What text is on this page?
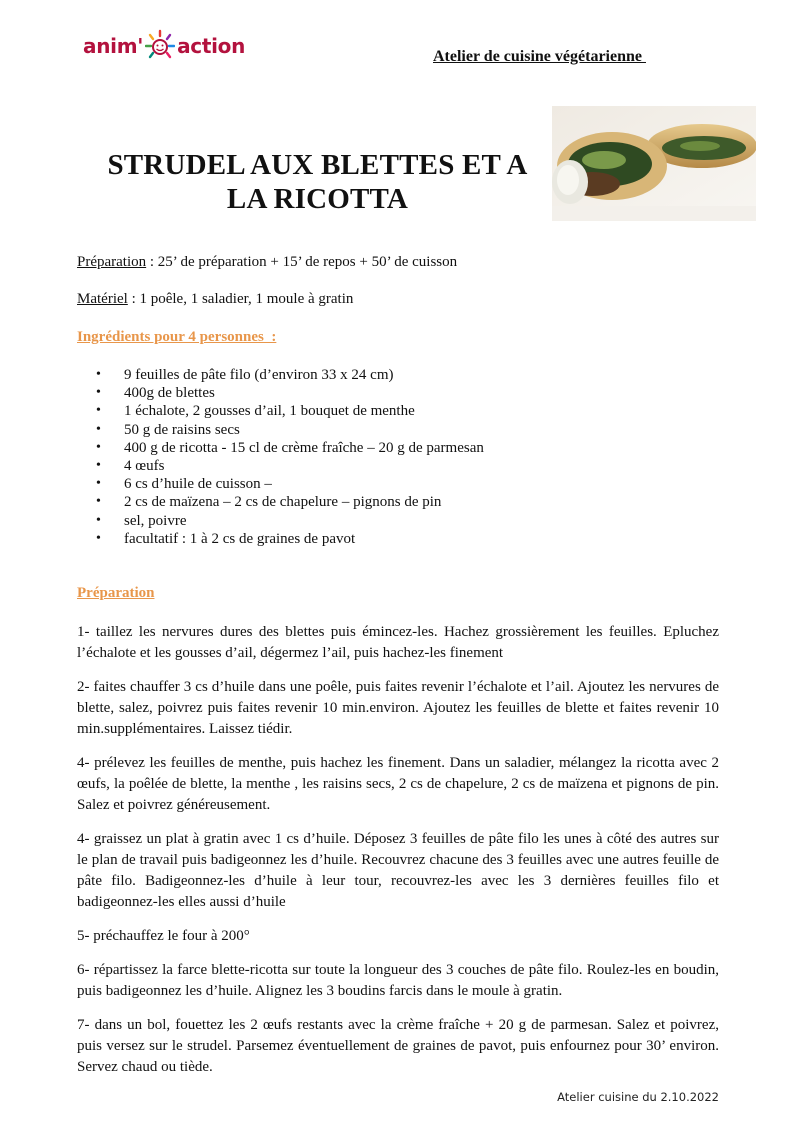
anim' action	Atelier de cuisine végétarienne
STRUDEL AUX BLETTES ET A
LA RICOTTA
Préparation : 25’ de préparation + 15’ de repos + 50’ de cuisson
Matériel : 1 poêle, 1 saladier, 1 moule à gratin
Ingrédients pour 4 personnes  :
• 9 feuilles de pâte filo (d’environ 33 x 24 cm)
• 400g de blettes
• 1 échalote, 2 gousses d’ail, 1 bouquet de menthe
• 50 g de raisins secs
• 400 g de ricotta - 15 cl de crème fraîche – 20 g de parmesan
• 4 œufs
• 6 cs d’huile de cuisson –
• 2 cs de maïzena – 2 cs de chapelure – pignons de pin
• sel, poivre
• facultatif : 1 à 2 cs de graines de pavot
Préparation

1- taillez les nervures dures des blettes puis émincez-les. Hachez grossièrement les feuilles. Epluchez l’échalote et les gousses d’ail, dégermez l’ail, puis hachez-les finement

2- faites chauffer 3 cs d’huile dans une poêle, puis faites revenir l’échalote et l’ail. Ajoutez les nervures de blette, salez, poivrez puis faites revenir 10 min.environ. Ajoutez les feuilles de blette et faites revenir 10 min.supplémentaires. Laissez tiédir.

4- prélevez les feuilles de menthe, puis hachez les finement. Dans un saladier, mélangez la ricotta avec 2 œufs, la poêlée de blette, la menthe , les raisins secs, 2 cs de chapelure, 2 cs de maïzena et pignons de pin. Salez et poivrez généreusement.

4- graissez un plat à gratin avec 1 cs d’huile. Déposez 3 feuilles de pâte filo les unes à côté des autres sur le plan de travail puis badigeonnez les d’huile. Recouvrez chacune des 3 feuilles avec une autres feuille de pâte filo. Badigeonnez-les d’huile à leur tour, recouvrez-les avec les 3 dernières feuilles filo et badigeonnez-les elles aussi d’huile

5- préchauffez le four à 200°

6- répartissez la farce blette-ricotta sur toute la longueur des 3 couches de pâte filo. Roulez-les en boudin, puis badigeonnez les d’huile. Alignez les 3 boudins farcis dans le moule à gratin.

7- dans un bol, fouettez les 2 œufs restants avec la crème fraîche + 20 g de parmesan. Salez et poivrez, puis versez sur le strudel. Parsemez éventuellement de graines de pavot, puis enfournez pour 30’ environ. Servez chaud ou tiède.

Atelier cuisine du 2.10.2022
